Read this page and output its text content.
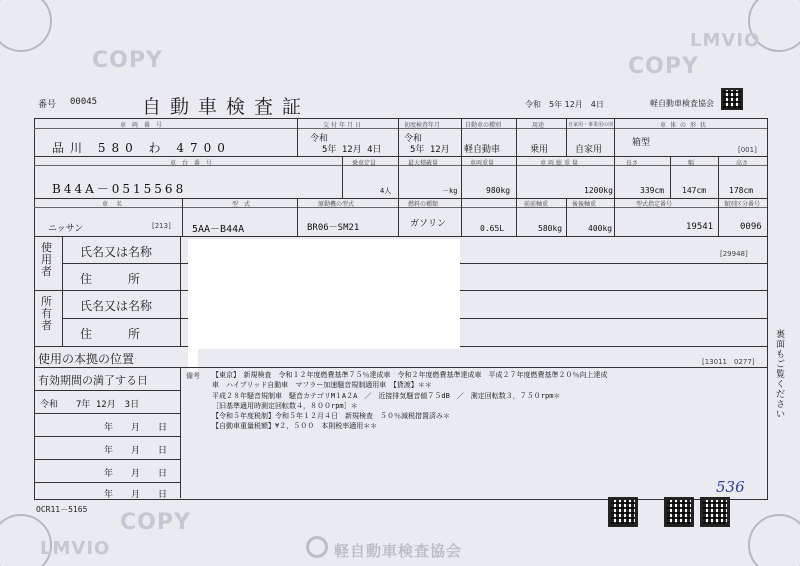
COPY
LMVIO
COPY
COPY
LMVIO
番号 00045 自動車検査証	令和　5年 12月　4日	軽自動車検査協会
車両番号
品川 580 わ 4700
交付年月日
令和
5年 12月 4日
初度検査年月
令和
5年 12月
自動車の種別
軽自動車
用途
乗用
自家用・事業用の別
自家用
車体の形状
箱型
[001]
車台番号
B44A－0515568
乗車定員
4人
最大積載量
－kg
車両重量
980kg
車両総重量
1200kg
長さ
339cm
幅
147cm
高さ
178cm
車名
ニッサン	[213]
型式
5AA－B44A
原動機の型式
BR06－SM21
燃料の種類
ガソリン	0.65L
前前軸重
580kg
後後軸重
400kg
型式指定番号
19541
類別区分番号
0096
使用者
氏名又は名称
住　　所
[29948]
所有者
氏名又は名称
住　　所
使用の本拠の位置	[13011　0277]
有効期間の満了する日
令和　　7年 12月　3日
年　　月　　日
年　　月　　日
年　　月　　日
年　　月　　日
備考 【東京】　新規検査　令和１２年度燃費基準７５％達成車　令和２年度燃費基準達成車　平成２７年度燃費基準２０％向上達成
車　ハイブリッド自動車　マフラー加速騒音規制適用車　【貸渡】＊＊
平成２８年騒音規制車　騒音カテゴリM１A２A　／　近接排気騒音値７５dB　／　測定回転数３，７５０rpm＊
［旧基準適用時測定回転数４，８００rpm］＊
【令和５年度税制】令和５年１２月４日　新規検査　５０％減税措置済み＊
【自動車重量税額】¥２，５００　本則税率適用＊＊
536
裏面もご覧ください
OCR11－5165
軽自動車検査協会
